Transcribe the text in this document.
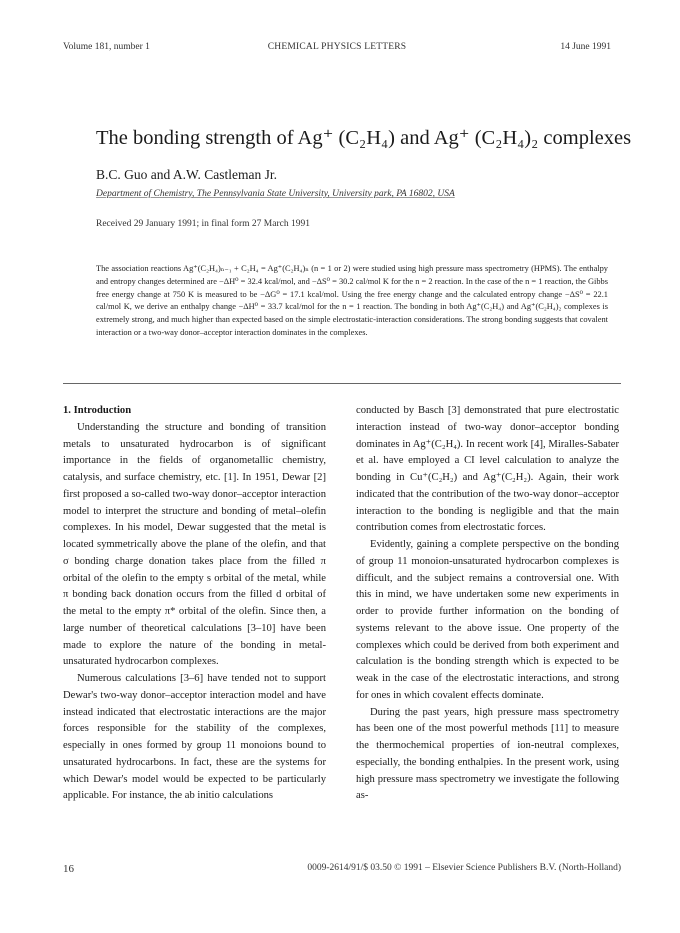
Volume 181, number 1	CHEMICAL PHYSICS LETTERS	14 June 1991
The bonding strength of Ag⁺ (C₂H₄) and Ag⁺ (C₂H₄)₂ complexes
B.C. Guo and A.W. Castleman Jr.
Department of Chemistry, The Pennsylvania State University, University park, PA 16802, USA
Received 29 January 1991; in final form 27 March 1991

The association reactions Ag⁺(C₂H₄)ₙ₋₁ + C₂H₄ = Ag⁺(C₂H₄)ₙ (n = 1 or 2) were studied using high pressure mass spectrometry (HPMS). The enthalpy and entropy changes determined are −ΔH⁰ = 32.4 kcal/mol, and −ΔS⁰ = 30.2 cal/mol K for the n = 2 reaction. In the case of the n = 1 reaction, the Gibbs free energy change at 750 K is measured to be −ΔG⁰ = 17.1 kcal/mol. Using the free energy change and the calculated entropy change −ΔS⁰ = 22.1 cal/mol K, we derive an enthalpy change −ΔH⁰ = 33.7 kcal/mol for the n = 1 reaction. The bonding in both Ag⁺(C₂H₄) and Ag⁺(C₂H₄)₂ complexes is extremely strong, and much higher than expected based on the simple electrostatic-interaction considerations. The strong bonding suggests that covalent interaction or a two-way donor–acceptor interaction dominates in the complexes.

1. Introduction

Understanding the structure and bonding of transition metals to unsaturated hydrocarbon is of significant importance in the fields of organometallic chemistry, catalysis, and surface chemistry, etc. [1]. In 1951, Dewar [2] first proposed a so-called two-way donor–acceptor interaction model to interpret the structure and bonding of metal–olefin complexes. In his model, Dewar suggested that the metal is located symmetrically above the plane of the olefin, and that σ bonding charge donation takes place from the filled π orbital of the olefin to the empty s orbital of the metal, while π bonding back donation occurs from the filled d orbital of the metal to the empty π* orbital of the olefin. Since then, a large number of theoretical calculations [3–10] have been made to explore the nature of the bonding in metal-unsaturated hydrocarbon complexes.

Numerous calculations [3–6] have tended not to support Dewar's two-way donor–acceptor interaction model and have instead indicated that electrostatic interactions are the major forces responsible for the stability of the complexes, especially in ones formed by group 11 monoions bound to unsaturated hydrocarbons. In fact, these are the systems for which Dewar's model would be expected to be particularly applicable. For instance, the ab initio calculations

conducted by Basch [3] demonstrated that pure electrostatic interaction instead of two-way donor–acceptor bonding dominates in Ag⁺(C₂H₄). In recent work [4], Miralles-Sabater et al. have employed a CI level calculation to analyze the bonding in Cu⁺(C₂H₂) and Ag⁺(C₂H₂). Again, their work indicated that the contribution of the two-way donor–acceptor interaction to the bonding is negligible and that the main contribution comes from electrostatic forces.

Evidently, gaining a complete perspective on the bonding of group 11 monoion-unsaturated hydrocarbon complexes is difficult, and the subject remains a controversial one. With this in mind, we have undertaken some new experiments in order to provide further information on the bonding of systems relevant to the above issue. One property of the complexes which could be derived from both experiment and calculation is the bonding strength which is expected to be weak in the case of the electrostatic interactions, and strong for ones in which covalent effects dominate.

During the past years, high pressure mass spectrometry has been one of the most powerful methods [11] to measure the thermochemical properties of ion-neutral complexes, especially, the bonding enthalpies. In the present work, using high pressure mass spectrometry we investigate the following as-

16	0009-2614/91/$ 03.50 © 1991 – Elsevier Science Publishers B.V. (North-Holland)
